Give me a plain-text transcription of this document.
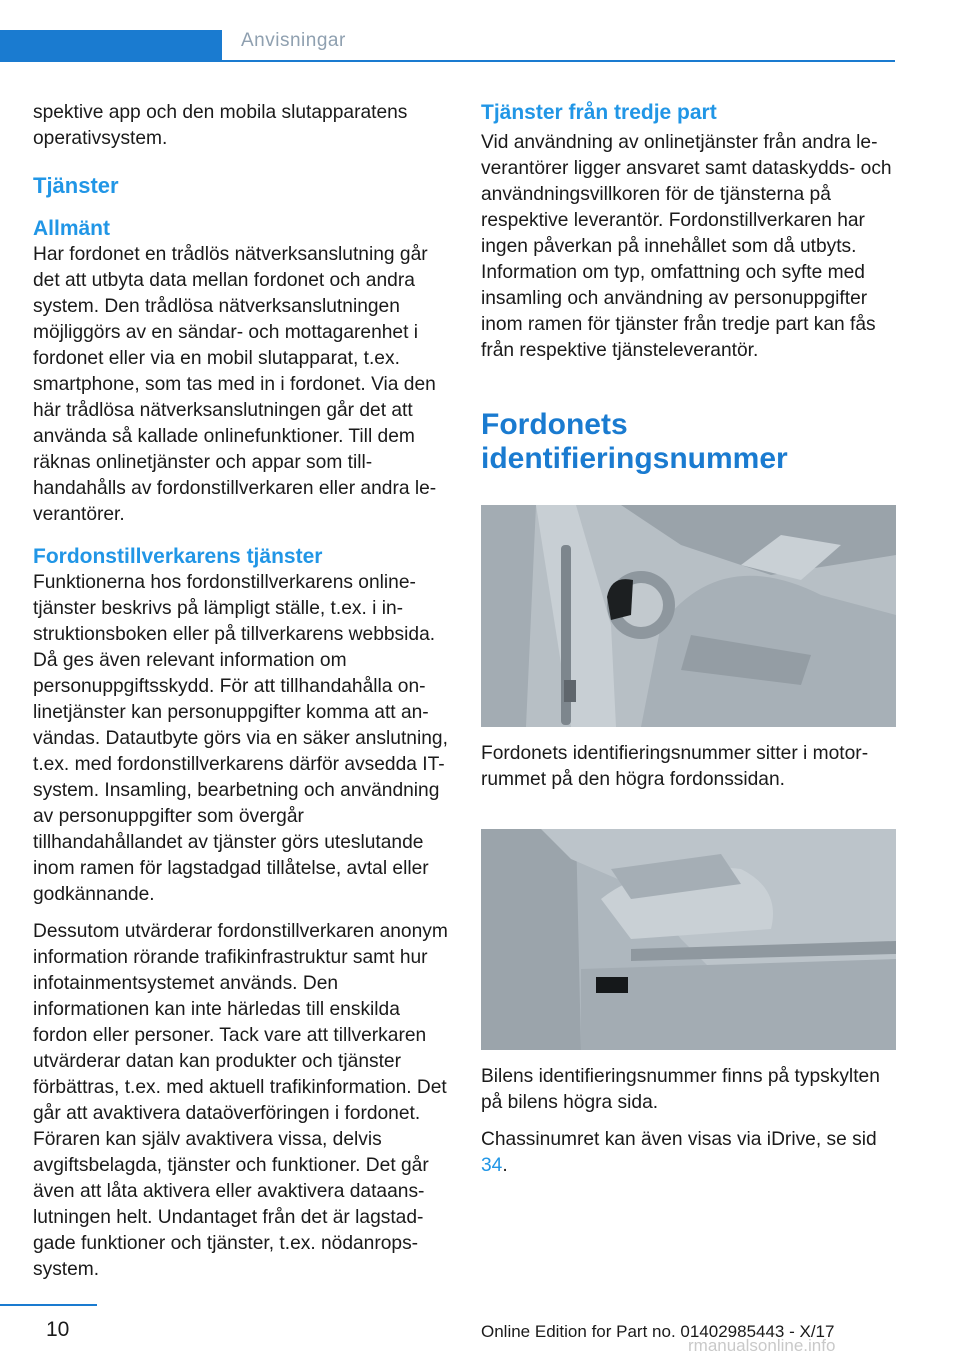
Anvisningar

spektive app och den mobila slutapparatens operativsystem.

Tjänster
Allmänt

Har fordonet en trådlös nätverksanslutning går det att utbyta data mellan fordonet och andra system. Den trådlösa nätverksanslutningen möjliggörs av en sändar- och mottagarenhet i fordonet eller via en mobil slutapparat, t.ex. smartphone, som tas med in i fordonet. Via den här trådlösa nätverksanslutningen går det att använda så kallade onlinefunktioner. Till dem räknas onlinetjänster och appar som tillhandahålls av fordonstillverkaren eller andra leverantörer.

Fordonstillverkarens tjänster

Funktionerna hos fordonstillverkarens onlinetjänster beskrivs på lämpligt ställe, t.ex. i instruktionsboken eller på tillverkarens webbsida. Då ges även relevant information om personuppgiftsskydd. För att tillhandahålla onlinetjänster kan personuppgifter komma att användas. Datautbyte görs via en säker anslutning, t.ex. med fordonstillverkarens därför avsedda IT-system. Insamling, bearbetning och användning av personuppgifter som övergår tillhandahållandet av tjänster görs uteslutande inom ramen för lagstadgad tillåtelse, avtal eller godkännande.

Dessutom utvärderar fordonstillverkaren anonym information rörande trafikinfrastruktur samt hur infotainmentsystemet används. Den informationen kan inte härledas till enskilda fordon eller personer. Tack vare att tillverkaren utvärderar datan kan produkter och tjänster förbättras, t.ex. med aktuell trafikinformation. Det går att avaktivera dataöverföringen i fordonet. Föraren kan själv avaktivera vissa, delvis avgiftsbelagda, tjänster och funktioner. Det går även att låta aktivera eller avaktivera dataanslutningen helt. Undantaget från det är lagstadgade funktioner och tjänster, t.ex. nödanropssystem.

Tjänster från tredje part

Vid användning av onlinetjänster från andra leverantörer ligger ansvaret samt dataskydds- och användningsvillkoren för de tjänsterna på respektive leverantör. Fordonstillverkaren har ingen påverkan på innehållet som då utbyts. Information om typ, omfattning och syfte med insamling och användning av personuppgifter inom ramen för tjänster från tredje part kan fås från respektive tjänsteleverantör.

Fordonets identifieringsnummer

Fordonets identifieringsnummer sitter i motorrummet på den högra fordonssidan.

Bilens identifieringsnummer finns på typskylten på bilens högra sida.

Chassinumret kan även visas via iDrive, se sid 34.

10	Online Edition for Part no. 01402985443 - X/17
rmanualsonline.info
